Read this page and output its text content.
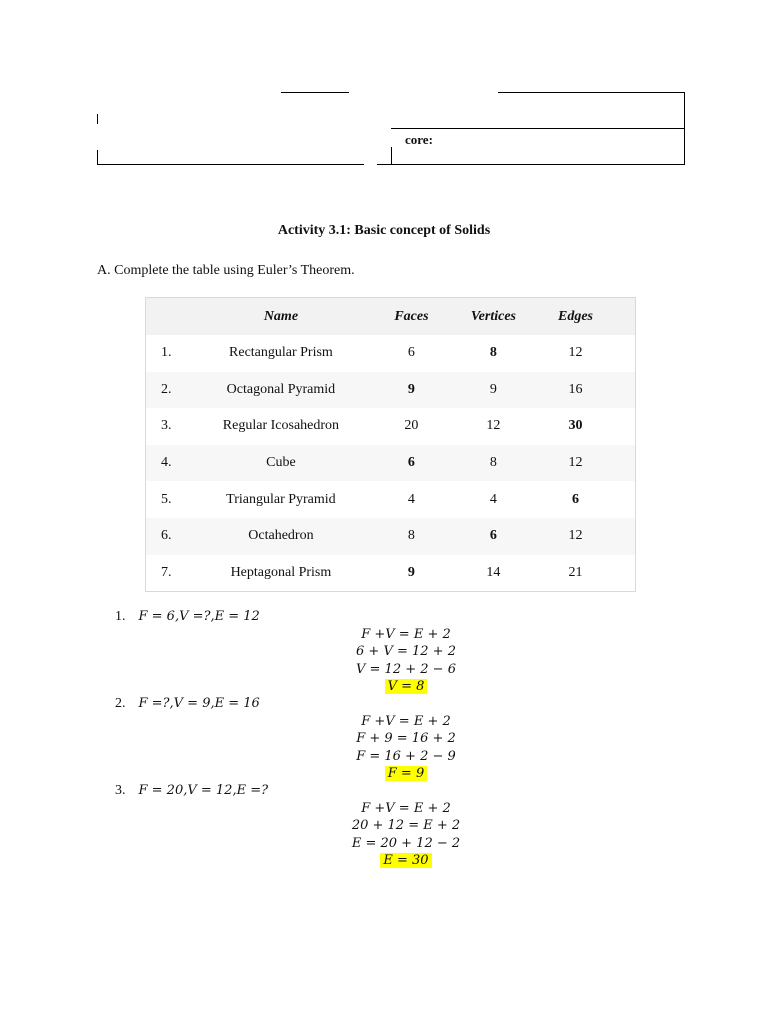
core:
Activity 3.1: Basic concept of Solids
A. Complete the table using Euler’s Theorem.
	Name	Faces	Vertices	Edges
1.	Rectangular Prism	6	8	12
2.	Octagonal Pyramid	9	9	16
3.	Regular Icosahedron	20	12	30
4.	Cube	6	8	12
5.	Triangular Pyramid	4	4	6
6.	Octahedron	8	6	12
7.	Heptagonal Prism	9	14	21
1. F = 6,V =?,E = 12
F +V = E + 2
6 + V = 12 + 2
V = 12 + 2 − 6
V = 8
2. F =?,V = 9,E = 16
F +V = E + 2
F + 9 = 16 + 2
F = 16 + 2 − 9
F = 9
3. F = 20,V = 12,E =?
F +V = E + 2
20 + 12 = E + 2
E = 20 + 12 − 2
E = 30
